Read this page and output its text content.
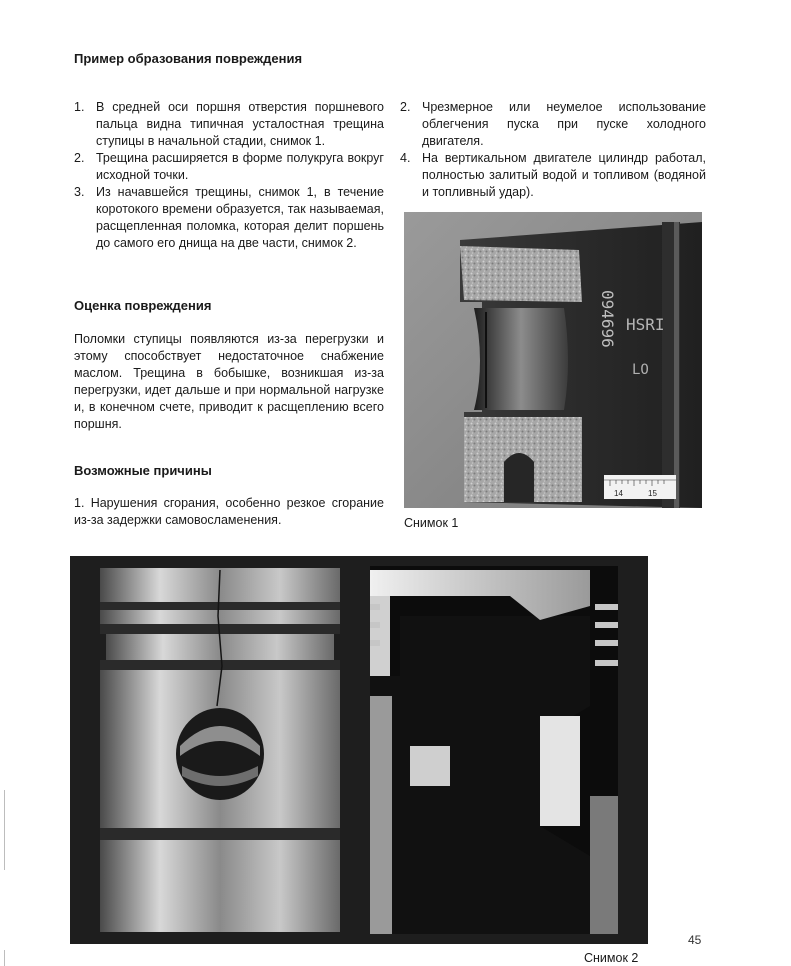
Пример образования повреждения
1. В средней оси поршня отверстия поршневого пальца видна типичная усталостная трещина ступицы в начальной стадии, снимок 1.
2. Трещина расширяется в форме полукруга вокруг исходной точки.
3. Из начавшейся трещины, снимок 1, в течение коротокого времени образуется, так называемая, расщепленная поломка, которая делит поршень до самого его днища на две части, снимок 2.
Оценка повреждения

Поломки ступицы появляются из-за перегрузки и этому способствует недостаточное снабжение маслом. Трещина в бобышке, возникшая из-за перегрузки, идет дальше и при нормальной нагрузке и, в конечном счете, приводит к расщеплению всего поршня.

Возможные причины

1. Нарушения сгорания, особенно резкое сгорание из-за задержки самовосламенения.

2. Чрезмерное или неумелое использование облегчения пуска при пуске холодного двигателя.
4. На вертикальном двигателе цилиндр работал, полностью залитый водой и топливом (водяной и топливный удар).
094696 HSRI
LO
14	15
Снимок 1
Снимок 2
45
